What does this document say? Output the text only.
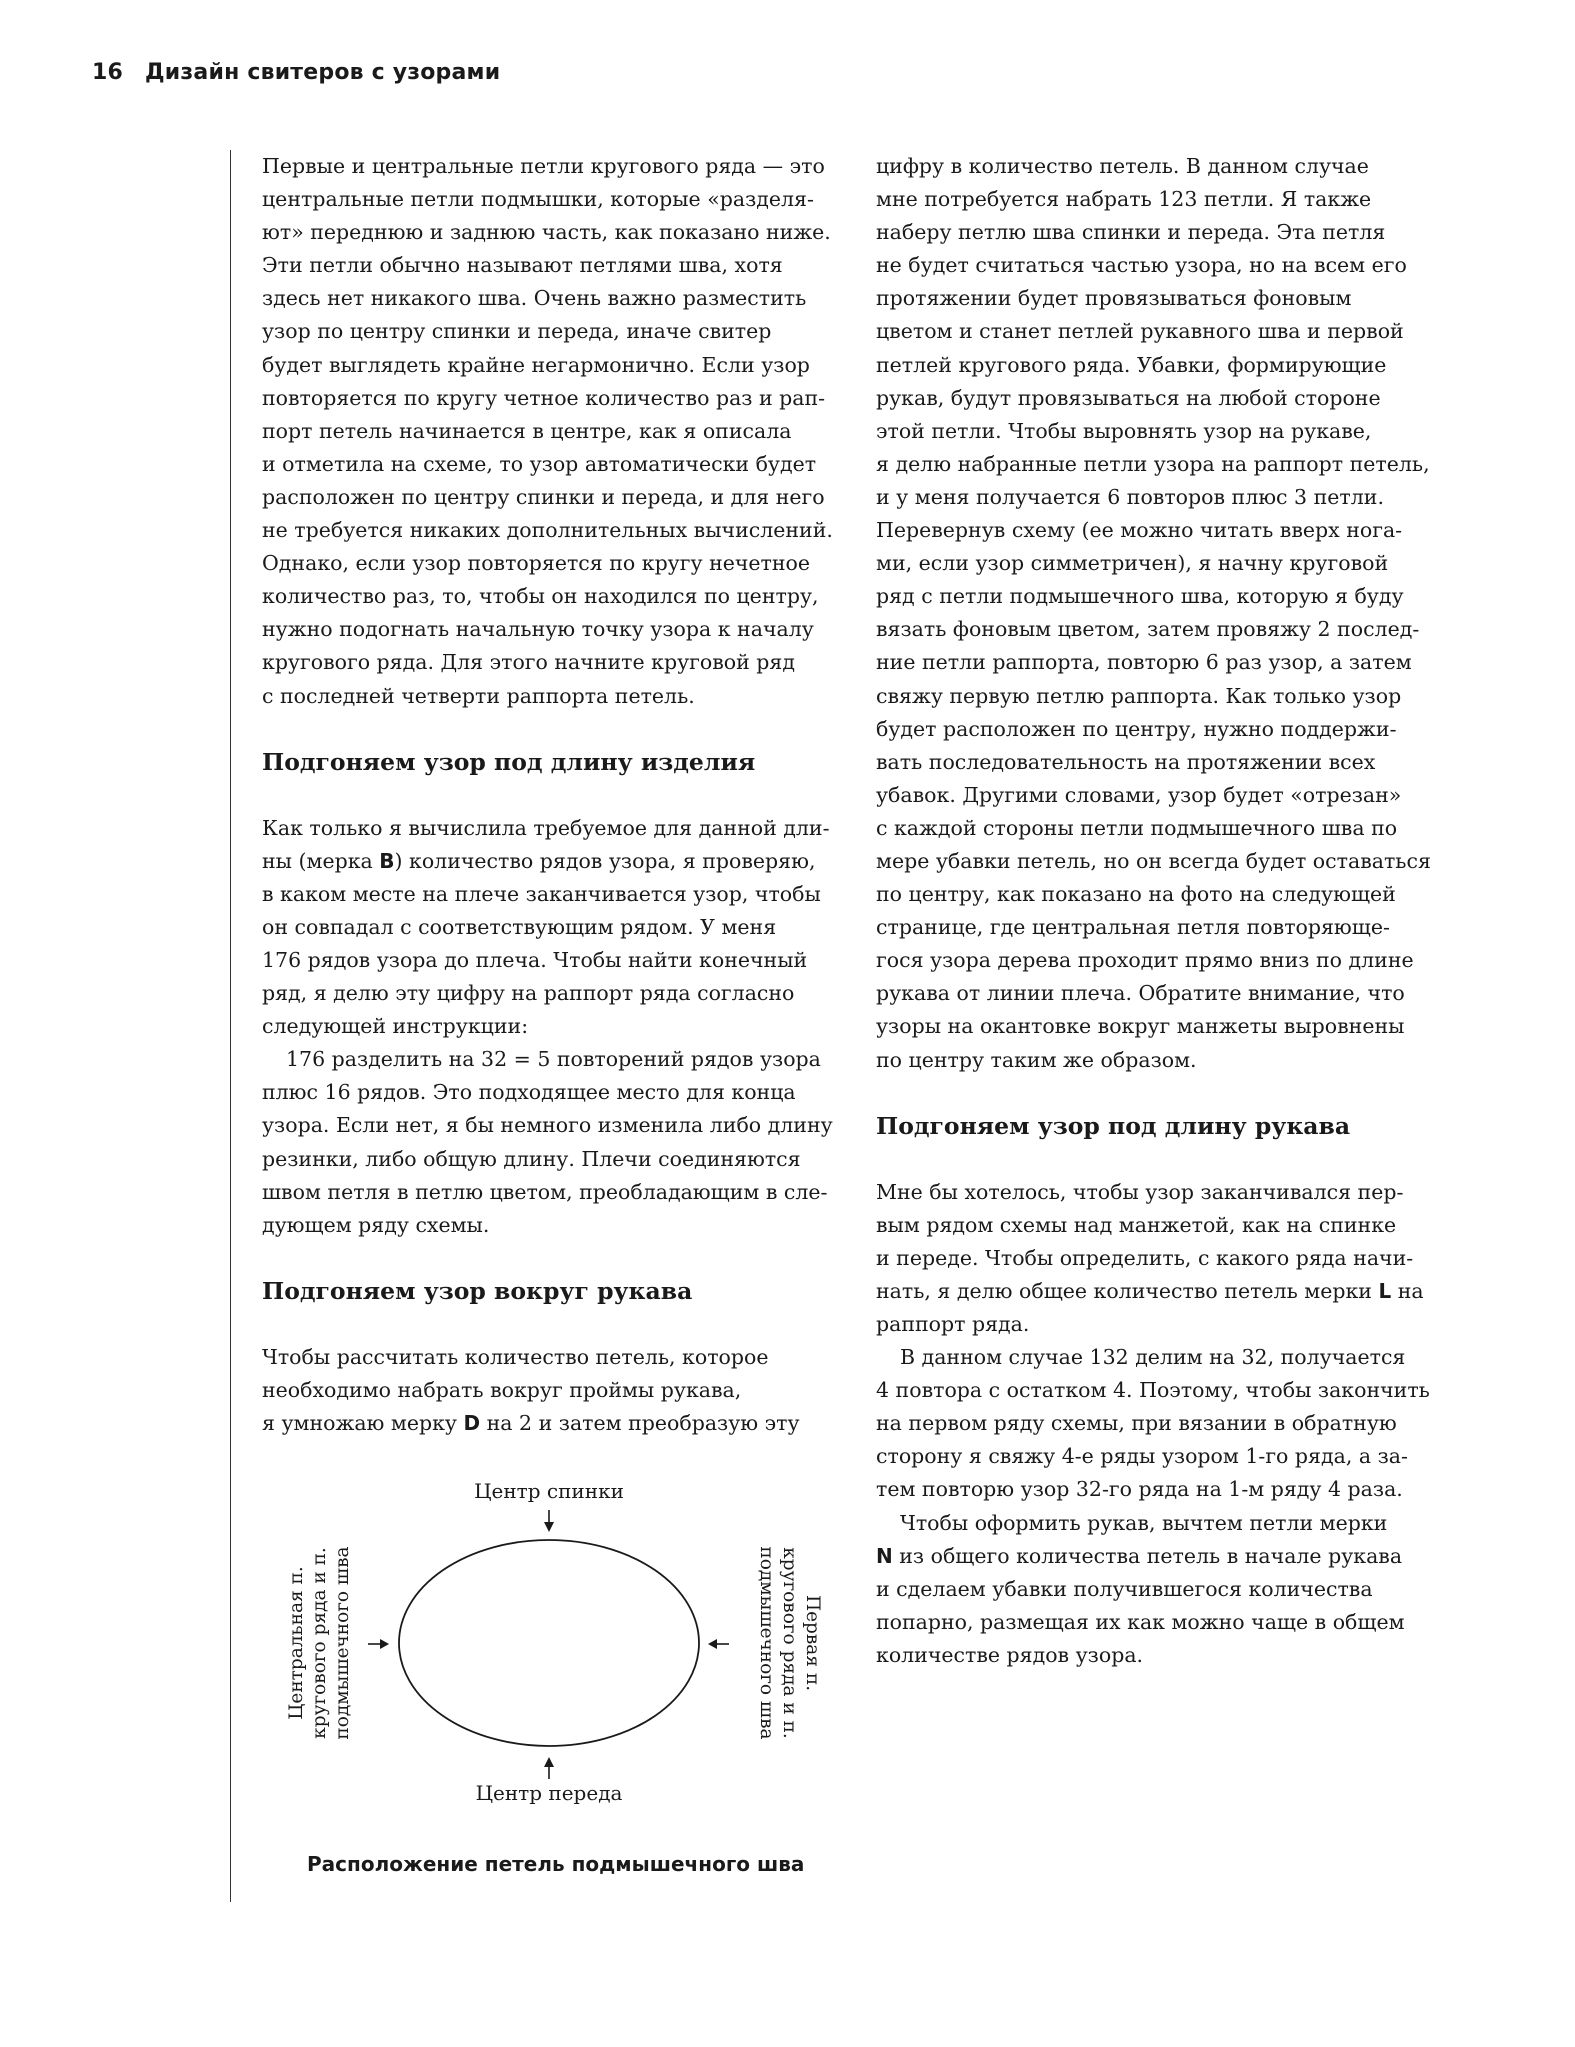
16 Дизайн свитеров с узорами
Первые и центральные петли кругового ряда — это
центральные петли подмышки, которые «разделя-
ют» переднюю и заднюю часть, как показано ниже.
Эти петли обычно называют петлями шва, хотя
здесь нет никакого шва. Очень важно разместить
узор по центру спинки и переда, иначе свитер
будет выглядеть крайне негармонично. Если узор
повторяется по кругу четное количество раз и рап-
порт петель начинается в центре, как я описала
и отметила на схеме, то узор автоматически будет
расположен по центру спинки и переда, и для него
не требуется никаких дополнительных вычислений.
Однако, если узор повторяется по кругу нечетное
количество раз, то, чтобы он находился по центру,
нужно подогнать начальную точку узора к началу
кругового ряда. Для этого начните круговой ряд
с последней четверти раппорта петель.
Подгоняем узор под длину изделия
Как только я вычислила требуемое для данной дли-
ны (мерка B) количество рядов узора, я проверяю,
в каком месте на плече заканчивается узор, чтобы
он совпадал с соответствующим рядом. У меня
176 рядов узора до плеча. Чтобы найти конечный
ряд, я делю эту цифру на раппорт ряда согласно
следующей инструкции:
176 разделить на 32 = 5 повторений рядов узора
плюс 16 рядов. Это подходящее место для конца
узора. Если нет, я бы немного изменила либо длину
резинки, либо общую длину. Плечи соединяются
швом петля в петлю цветом, преобладающим в сле-
дующем ряду схемы.
Подгоняем узор вокруг рукава
Чтобы рассчитать количество петель, которое
необходимо набрать вокруг проймы рукава,
я умножаю мерку D на 2 и затем преобразую эту
цифру в количество петель. В данном случае
мне потребуется набрать 123 петли. Я также
наберу петлю шва спинки и переда. Эта петля
не будет считаться частью узора, но на всем его
протяжении будет провязываться фоновым
цветом и станет петлей рукавного шва и первой
петлей кругового ряда. Убавки, формирующие
рукав, будут провязываться на любой стороне
этой петли. Чтобы выровнять узор на рукаве,
я делю набранные петли узора на раппорт петель,
и у меня получается 6 повторов плюс 3 петли.
Перевернув схему (ее можно читать вверх нога-
ми, если узор симметричен), я начну круговой
ряд с петли подмышечного шва, которую я буду
вязать фоновым цветом, затем провяжу 2 послед-
ние петли раппорта, повторю 6 раз узор, а затем
свяжу первую петлю раппорта. Как только узор
будет расположен по центру, нужно поддержи-
вать последовательность на протяжении всех
убавок. Другими словами, узор будет «отрезан»
с каждой стороны петли подмышечного шва по
мере убавки петель, но он всегда будет оставаться
по центру, как показано на фото на следующей
странице, где центральная петля повторяюще-
гося узора дерева проходит прямо вниз по длине
рукава от линии плеча. Обратите внимание, что
узоры на окантовке вокруг манжеты выровнены
по центру таким же образом.
Подгоняем узор под длину рукава
Мне бы хотелось, чтобы узор заканчивался пер-
вым рядом схемы над манжетой, как на спинке
и переде. Чтобы определить, с какого ряда начи-
нать, я делю общее количество петель мерки L на
раппорт ряда.
В данном случае 132 делим на 32, получается
4 повтора с остатком 4. Поэтому, чтобы закончить
на первом ряду схемы, при вязании в обратную
сторону я свяжу 4-е ряды узором 1-го ряда, а за-
тем повторю узор 32-го ряда на 1-м ряду 4 раза.
Чтобы оформить рукав, вычтем петли мерки
N из общего количества петель в начале рукава
и сделаем убавки получившегося количества
попарно, размещая их как можно чаще в общем
количестве рядов узора.
Центр спинки
Центральная п. кругового ряда и п. подмышечного шва	Первая п.
кругового ряда и п.
подмышечного шва
Центр переда
Расположение петель подмышечного шва
